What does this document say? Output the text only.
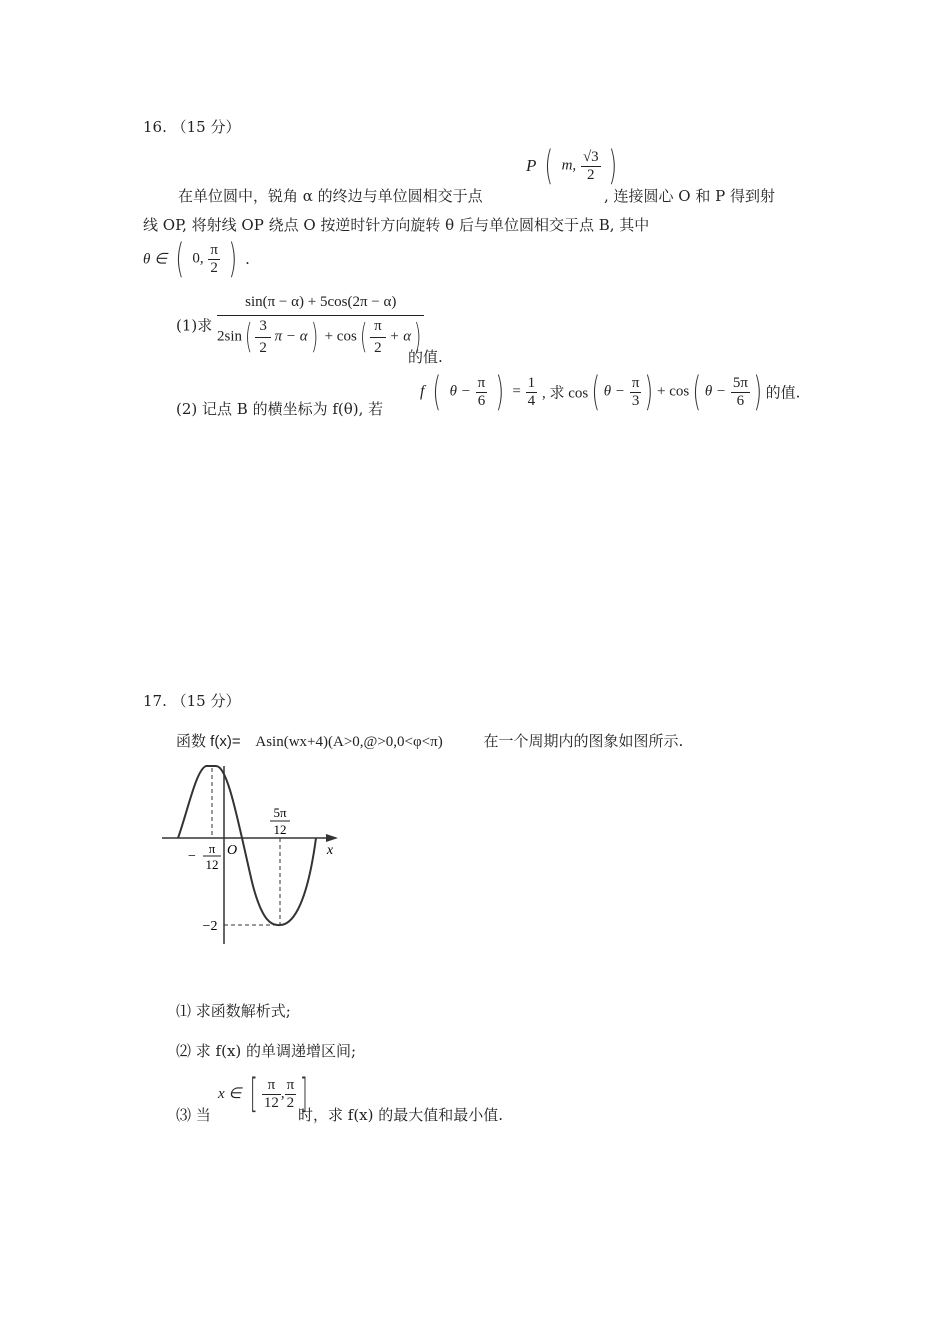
16. （15 分）
P ( m, $\frac{√3}{2}$ )
在单位圆中，锐角 α 的终边与单位圆相交于点	, 连接圆心 O 和 P 得到射
线 OP, 将射线 OP 绕点 O 按逆时针方向旋转 θ 后与单位圆相交于点 B, 其中
θ ∈ ( 0, $\frac{\pi}{2}$ ) .
(1)求 $\frac{\sin(\pi - \alpha) + 5\cos(2\pi - \alpha)}{2\sin( \frac{3}{2} \pi - \alpha) + \cos( \frac{\pi}{2} + \alpha)}$
的值.
(2) 记点 B 的横坐标为 f(θ), 若
f ( $\theta - \frac{\pi}{6}$ ) = $\frac{1}{4}$ , 求 cos( $\theta - \frac{\pi}{3}$ ) + cos( $\theta - \frac{5\pi}{6}$ ) 的值.
17. （15 分）
函数 f(x)= Asin(wx+4)(A>0,@>0,0<φ<π)	在一个周期内的图象如图所示.
5π
12
−
π
12
O	x
−2
⑴ 求函数解析式;
⑵ 求 f(x) 的单调递增区间;
⑶ 当
x ∈ [ $\frac{\pi}{12}$ , $\frac{\pi}{2}$ ]
时，求 f(x) 的最大值和最小值.
